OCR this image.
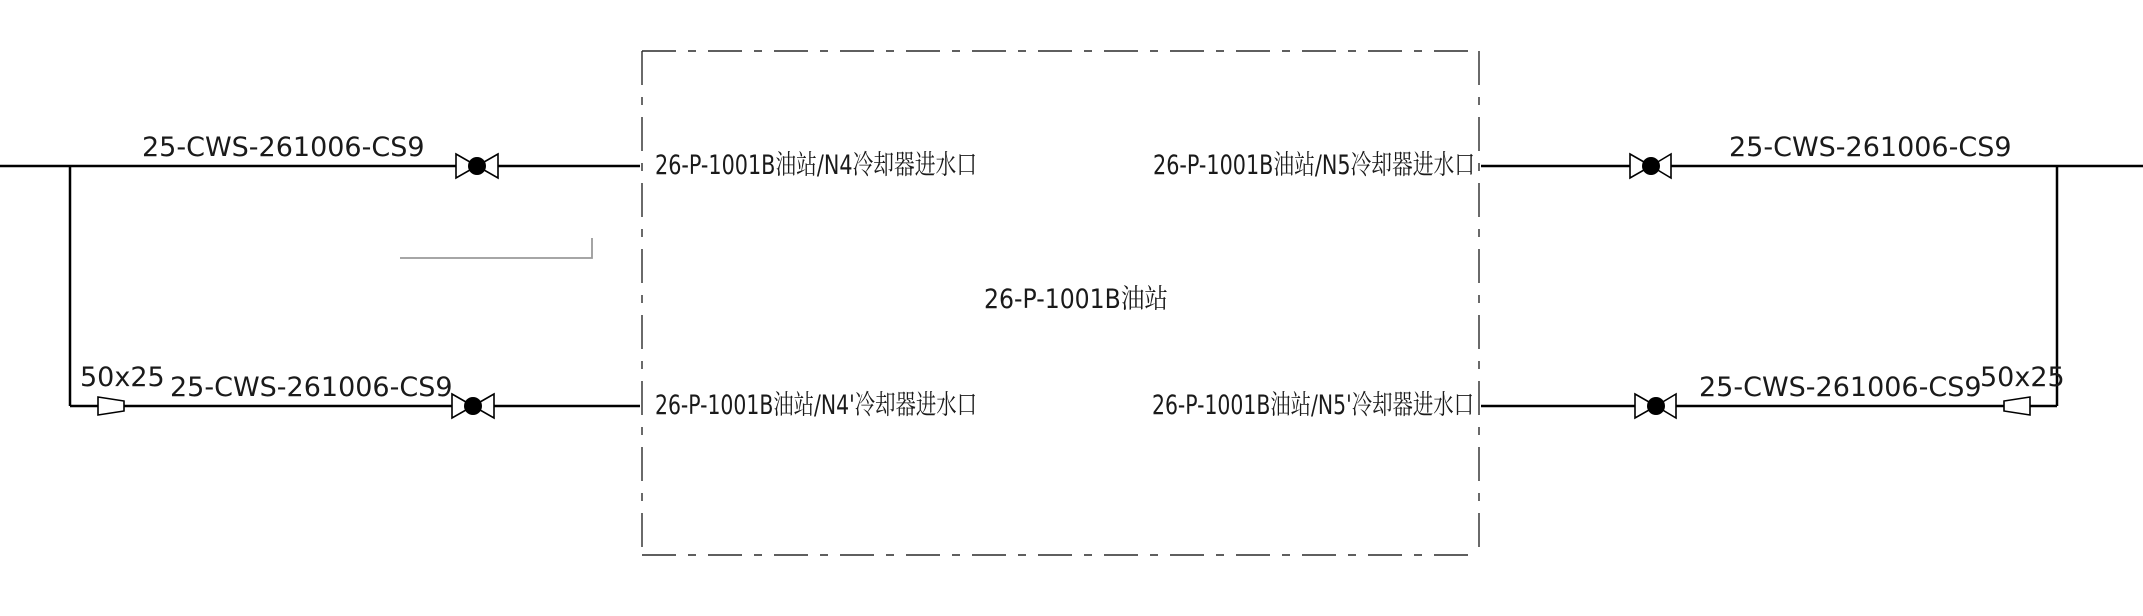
25-CWS-261006-CS9
25-CWS-261006-CS9
25-CWS-261006-CS9
25-CWS-261006-CS9
50x25	50x25
26-P-1001B油站/N4冷却器进水口	26-P-1001B油站/N5冷却器进水口
26-P-1001B油站/N4'冷却器进水口	26-P-1001B油站/N5'冷却器进水口
26-P-1001B油站
